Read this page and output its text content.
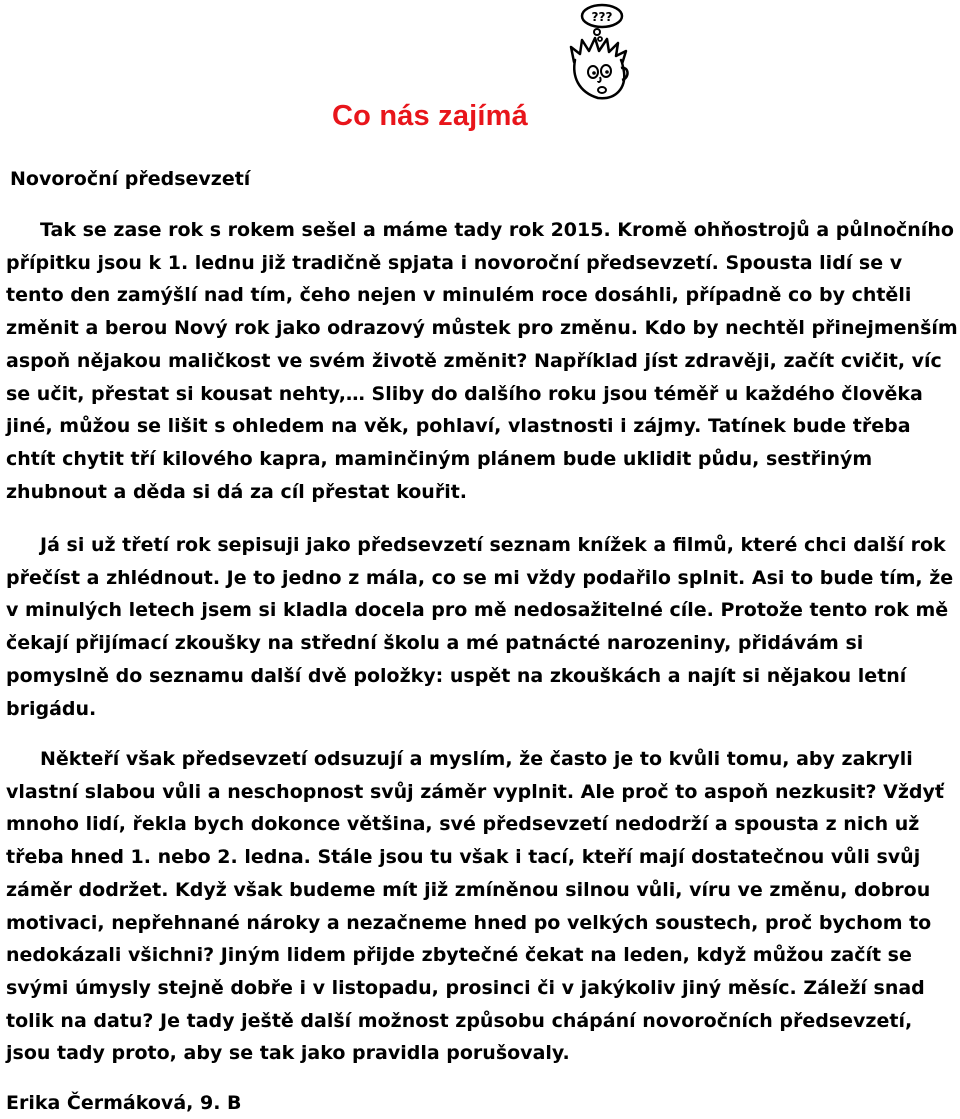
???
Co nás zajímá
Novoroční předsevzetí

Tak se zase rok s rokem sešel a máme tady rok 2015. Kromě ohňostrojů a půlnočního přípitku jsou k 1. lednu již tradičně spjata i novoroční předsevzetí. Spousta lidí se v tento den zamýšlí nad tím, čeho nejen v minulém roce dosáhli, případně co by chtěli změnit a berou Nový rok jako odrazový můstek pro změnu. Kdo by nechtěl přinejmenším aspoň nějakou maličkost ve svém životě změnit? Například jíst zdravěji, začít cvičit, víc se učit, přestat si kousat nehty,… Sliby do dalšího roku jsou téměř u každého člověka jiné, můžou se lišit s ohledem na věk, pohlaví, vlastnosti i zájmy. Tatínek bude třeba chtít chytit tří kilového kapra, maminčiným plánem bude uklidit půdu, sestřiným zhubnout a děda si dá za cíl přestat kouřit.

Já si už třetí rok sepisuji jako předsevzetí seznam knížek a filmů, které chci další rok přečíst a zhlédnout. Je to jedno z mála, co se mi vždy podařilo splnit. Asi to bude tím, že v minulých letech jsem si kladla docela pro mě nedosažitelné cíle. Protože tento rok mě čekají přijímací zkoušky na střední školu a mé patnácté narozeniny, přidávám si pomyslně do seznamu další dvě položky: uspět na zkouškách a najít si nějakou letní brigádu.

Někteří však předsevzetí odsuzují a myslím, že často je to kvůli tomu, aby zakryli vlastní slabou vůli a neschopnost svůj záměr vyplnit. Ale proč to aspoň nezkusit? Vždyť mnoho lidí, řekla bych dokonce většina, své předsevzetí nedodrží a spousta z nich už třeba hned 1. nebo 2. ledna. Stále jsou tu však i tací, kteří mají dostatečnou vůli svůj záměr dodržet. Když však budeme mít již zmíněnou silnou vůli, víru ve změnu, dobrou motivaci, nepřehnané nároky a nezačneme hned po velkých soustech, proč bychom to nedokázali všichni? Jiným lidem přijde zbytečné čekat na leden, když můžou začít se svými úmysly stejně dobře i v listopadu, prosinci či v jakýkoliv jiný měsíc. Záleží snad tolik na datu? Je tady ještě další možnost způsobu chápání novoročních předsevzetí, jsou tady proto, aby se tak jako pravidla porušovaly.

Erika Čermáková, 9. B
